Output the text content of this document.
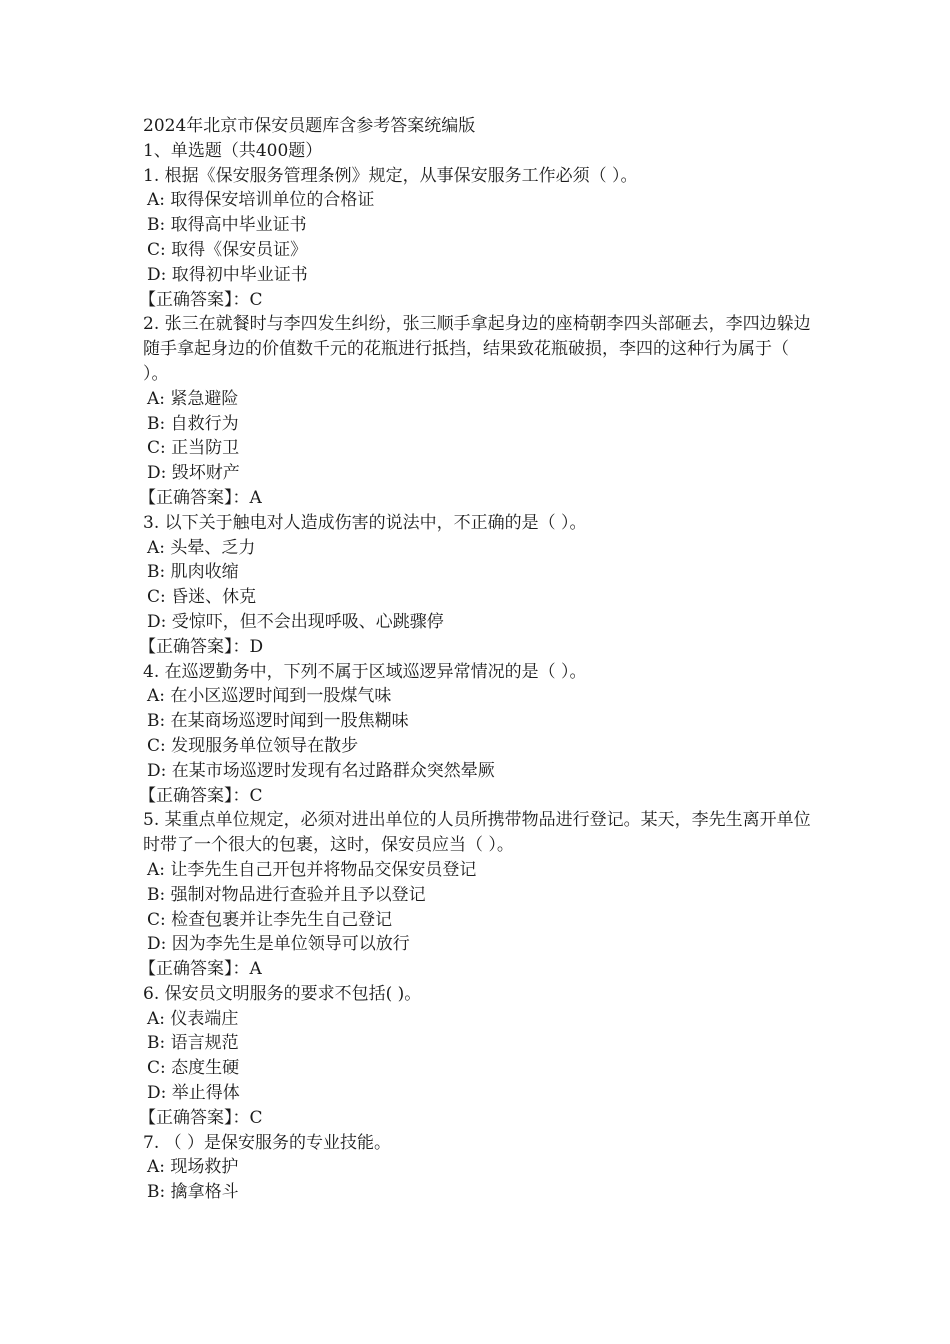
2024年北京市保安员题库含参考答案统编版
1、单选题（共400题）
1. 根据《保安服务管理条例》规定，从事保安服务工作必须（ ）。
A: 取得保安培训单位的合格证
B: 取得高中毕业证书
C: 取得《保安员证》
D: 取得初中毕业证书
【正确答案】：C
2. 张三在就餐时与李四发生纠纷，张三顺手拿起身边的座椅朝李四头部砸去，李四边躲边随手拿起身边的价值数千元的花瓶进行抵挡，结果致花瓶破损，李四的这种行为属于（ ）。
A: 紧急避险
B: 自救行为
C: 正当防卫
D: 毁坏财产
【正确答案】：A
3. 以下关于触电对人造成伤害的说法中，不正确的是（ ）。
A: 头晕、乏力
B: 肌肉收缩
C: 昏迷、休克
D: 受惊吓，但不会出现呼吸、心跳骤停
【正确答案】：D
4. 在巡逻勤务中，下列不属于区域巡逻异常情况的是（ ）。
A: 在小区巡逻时闻到一股煤气味
B: 在某商场巡逻时闻到一股焦糊味
C: 发现服务单位领导在散步
D: 在某市场巡逻时发现有名过路群众突然晕厥
【正确答案】：C
5. 某重点单位规定，必须对进出单位的人员所携带物品进行登记。某天，李先生离开单位时带了一个很大的包裹，这时，保安员应当（ ）。
A: 让李先生自己开包并将物品交保安员登记
B: 强制对物品进行查验并且予以登记
C: 检查包裹并让李先生自己登记
D: 因为李先生是单位领导可以放行
【正确答案】：A
6. 保安员文明服务的要求不包括( )。
A: 仪表端庄
B: 语言规范
C: 态度生硬
D: 举止得体
【正确答案】：C
7. （ ）是保安服务的专业技能。
A: 现场救护
B: 擒拿格斗
